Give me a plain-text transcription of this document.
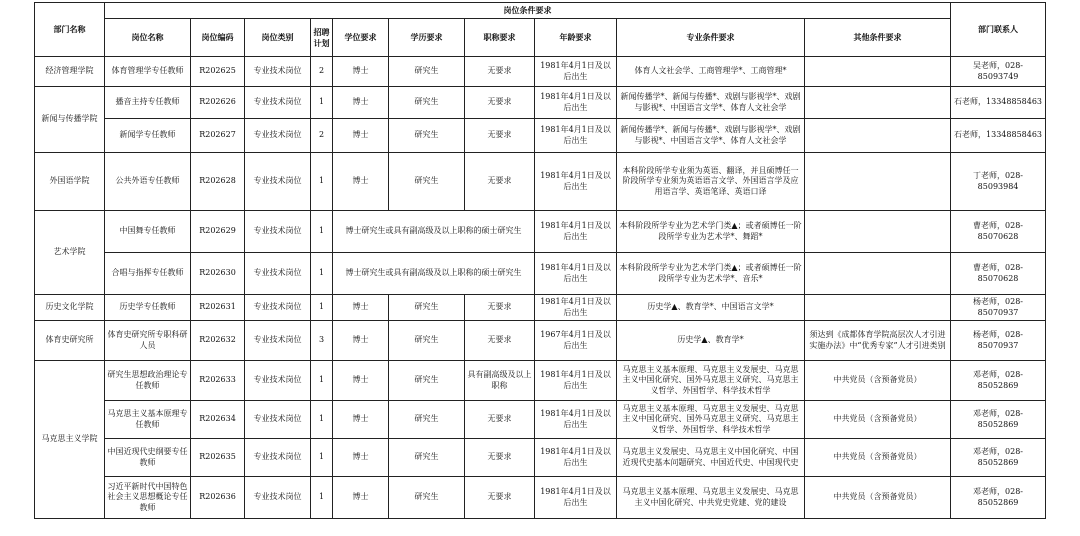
部门名称	岗位条件要求										部门联系人
	岗位名称	岗位编码	岗位类别	招聘计划	学位要求	学历要求	职称要求	年龄要求	专业条件要求	其他条件要求	
经济管理学院	体育管理学专任教师	R202625	专业技术岗位	2	博士	研究生	无要求	1981年4月1日及以后出生	体育人文社会学、工商管理学*、工商管理*		吴老师，028-85093749
新闻与传播学院	播音主持专任教师	R202626	专业技术岗位	1	博士	研究生	无要求	1981年4月1日及以后出生	新闻传播学*、新闻与传播*、戏剧与影视学*、戏剧与影视*、中国语言文学*、体育人文社会学		石老师，13348858463
	新闻学专任教师	R202627	专业技术岗位	2	博士	研究生	无要求	1981年4月1日及以后出生	新闻传播学*、新闻与传播*、戏剧与影视学*、戏剧与影视*、中国语言文学*、体育人文社会学		石老师，13348858463
外国语学院	公共外语专任教师	R202628	专业技术岗位	1	博士	研究生	无要求	1981年4月1日及以后出生	本科阶段所学专业须为英语、翻译，并且硕博任一阶段所学专业须为英语语言文学、外国语言学及应用语言学、英语笔译、英语口译		丁老师，028-85093984
艺术学院	中国舞专任教师	R202629	专业技术岗位	1	博士研究生或具有副高级及以上职称的硕士研究生			1981年4月1日及以后出生	本科阶段所学专业为艺术学门类▲；或者硕博任一阶段所学专业为艺术学*、舞蹈*		曹老师，028-85070628
	合唱与指挥专任教师	R202630	专业技术岗位	1	博士研究生或具有副高级及以上职称的硕士研究生			1981年4月1日及以后出生	本科阶段所学专业为艺术学门类▲；或者硕博任一阶段所学专业为艺术学*、音乐*		曹老师，028-85070628
历史文化学院	历史学专任教师	R202631	专业技术岗位	1	博士	研究生	无要求	1981年4月1日及以后出生	历史学▲、教育学*、中国语言文学*		杨老师，028-85070937
体育史研究所	体育史研究所专职科研人员	R202632	专业技术岗位	3	博士	研究生	无要求	1967年4月1日及以后出生	历史学▲、教育学*	须达到《成都体育学院高层次人才引进实施办法》中“优秀专家”人才引进类别	杨老师，028-85070937
马克思主义学院	研究生思想政治理论专任教师	R202633	专业技术岗位	1	博士	研究生	具有副高级及以上职称	1981年4月1日及以后出生	马克思主义基本原理、马克思主义发展史、马克思主义中国化研究、国外马克思主义研究、马克思主义哲学、外国哲学、科学技术哲学	中共党员（含预备党员）	邓老师，028-85052869
	马克思主义基本原理专任教师	R202634	专业技术岗位	1	博士	研究生	无要求	1981年4月1日及以后出生	马克思主义基本原理、马克思主义发展史、马克思主义中国化研究、国外马克思主义研究、马克思主义哲学、外国哲学、科学技术哲学	中共党员（含预备党员）	邓老师，028-85052869
	中国近现代史纲要专任教师	R202635	专业技术岗位	1	博士	研究生	无要求	1981年4月1日及以后出生	马克思主义发展史、马克思主义中国化研究、中国近现代史基本问题研究、中国近代史、中国现代史	中共党员（含预备党员）	邓老师，028-85052869
	习近平新时代中国特色社会主义思想概论专任教师	R202636	专业技术岗位	1	博士	研究生	无要求	1981年4月1日及以后出生	马克思主义基本原理、马克思主义发展史、马克思主义中国化研究、中共党史党建、党的建设	中共党员（含预备党员）	邓老师，028-85052869
